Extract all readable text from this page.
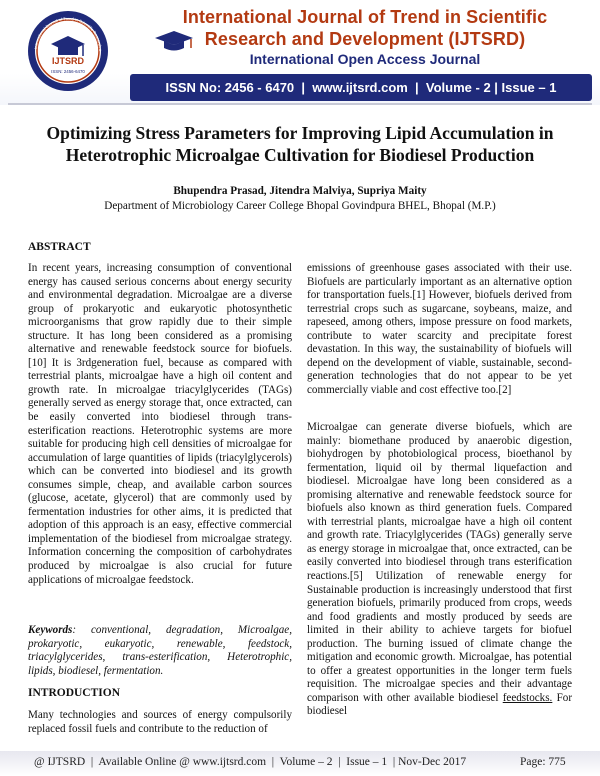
IJTSRD
ISSN: 2456-6470
International Journal of Trend in Scientific Research a
International Journal of Trend in Scientific Research and Development (IJTSRD)
International Open Access Journal
ISSN No: 2456 - 6470  |  www.ijtsrd.com  |  Volume - 2 | Issue – 1
Optimizing Stress Parameters for Improving Lipid Accumulation in
Heterotrophic Microalgae Cultivation for Biodiesel Production
Bhupendra Prasad, Jitendra Malviya, Supriya Maity
Department of Microbiology Career College Bhopal Govindpura BHEL, Bhopal (M.P.)
ABSTRACT

In recent years, increasing consumption of conventional energy has caused serious concerns about energy security and environmental degradation. Microalgae are a diverse group of prokaryotic and eukaryotic photosynthetic microorganisms that grow rapidly due to their simple structure. It has long been considered as a promising alternative and renewable feedstock source for biofuels.[10] It is 3rdgeneration fuel, because as compared with terrestrial plants, microalgae have a high oil content and growth rate. In microalgae triacylglycerides (TAGs) generally served as energy storage that, once extracted, can be easily converted into biodiesel through trans-esterification reactions. Heterotrophic systems are more suitable for producing high cell densities of microalgae for accumulation of large quantities of lipids (triacylglycerols) which can be converted into biodiesel and its growth consumes simple, cheap, and available carbon sources (glucose, acetate, glycerol) that are commonly used by fermentation industries for other aims, it is predicted that adoption of this approach is an easy, effective commercial implementation of the biodiesel from microalgae strategy. Information concerning the composition of carbohydrates produced by microalgae is also crucial for future applications of microalgae feedstock.

Keywords: conventional, degradation, Microalgae, prokaryotic, eukaryotic, renewable, feedstock, triacylglycerides, trans-esterification, Heterotrophic, lipids, biodiesel, fermentation.
INTRODUCTION

Many technologies and sources of energy compulsorily replaced fossil fuels and contribute to the reduction of

emissions of greenhouse gases associated with their use. Biofuels are particularly important as an alternative option for transportation fuels.[1] However, biofuels derived from terrestrial crops such as sugarcane, soybeans, maize, and rapeseed, among others, impose pressure on food markets, contribute to water scarcity and precipitate forest devastation. In this way, the sustainability of biofuels will depend on the development of viable, sustainable, second-generation technologies that do not appear to be yet commercially viable and cost effective too.[2]

Microalgae can generate diverse biofuels, which are mainly: biomethane produced by anaerobic digestion, biohydrogen by photobiological process, bioethanol by fermentation, liquid oil by thermal liquefaction and biodiesel. Microalgae have long been considered as a promising alternative and renewable feedstock source for biofuels also known as third generation fuels. Compared with terrestrial plants, microalgae have a high oil content and growth rate. Triacylglycerides (TAGs) generally serve as energy storage in microalgae that, once extracted, can be easily converted into biodiesel through trans esterification reactions.[5] Utilization of renewable energy for Sustainable production is increasingly understood that first generation biofuels, primarily produced from crops, weeds and food gradients and mostly produced by seeds are limited in their ability to achieve targets for biofuel production. The burning issued of climate change the mitigation and economic growth. Microalgae, has potential to offer a greatest opportunities in the longer term fuels requisition. The microalgae species and their advantage comparison with other available biodiesel feedstocks. For biodiesel

@ IJTSRD  |  Available Online @ www.ijtsrd.com  |  Volume – 2  |  Issue – 1  | Nov-Dec 2017	Page: 775
